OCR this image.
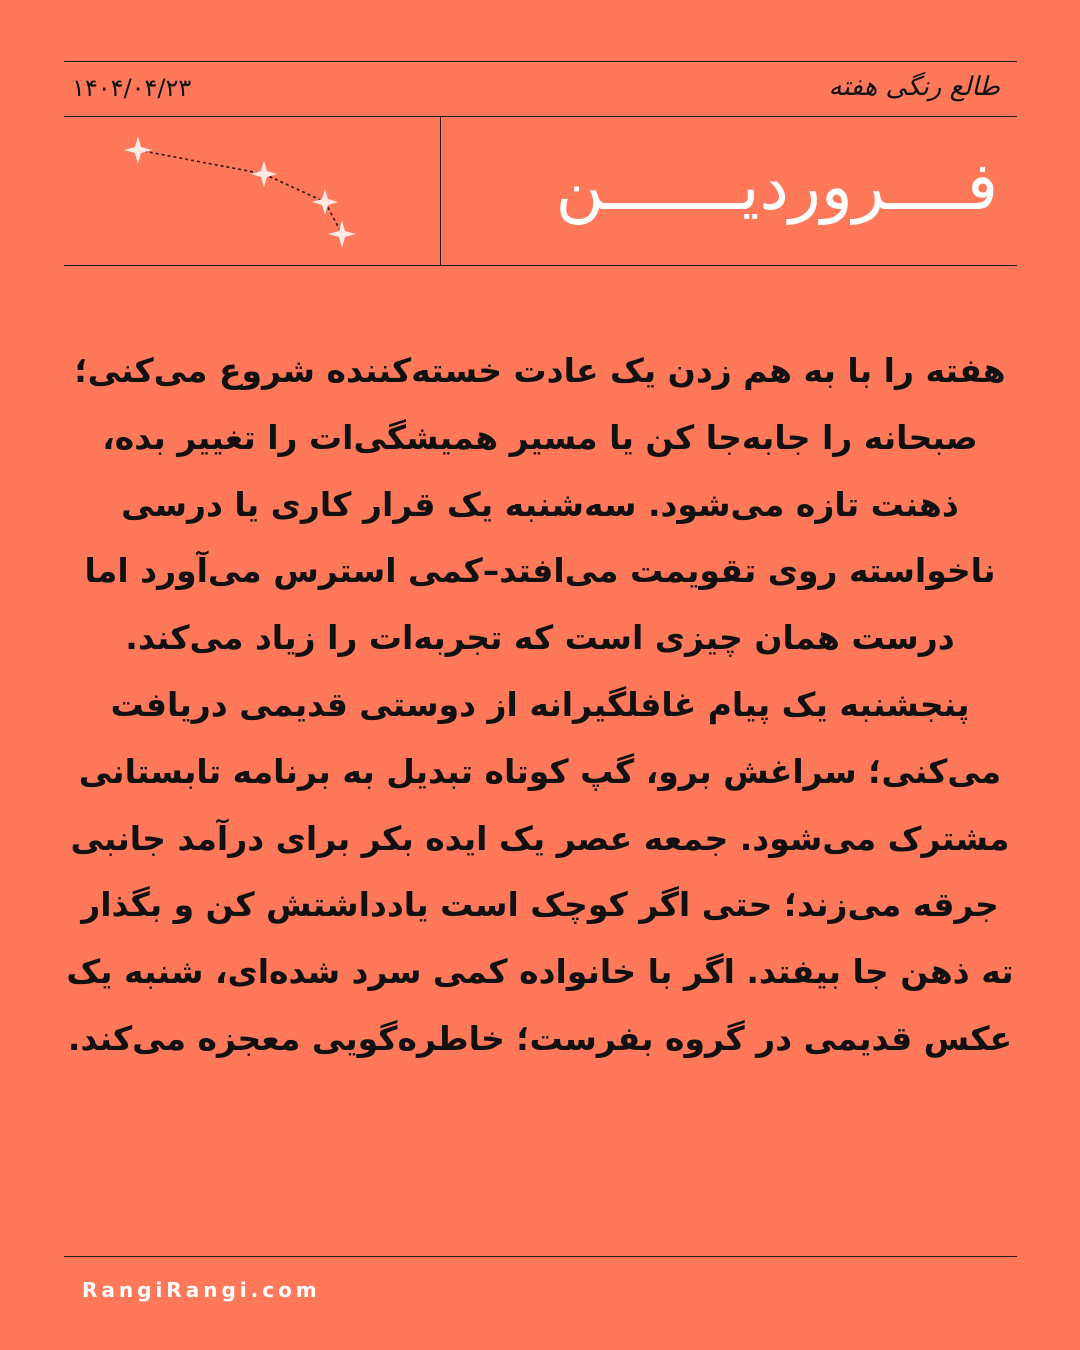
طالع رنگی هفته
۱۴۰۴/۰۴/۲۳
فــــروردیـــــــن
هفته را با به هم زدن یک عادت خسته‌کننده شروع می‌کنی؛ صبحانه را جابه‌جا کن یا مسیر همیشگی‌ات را تغییر بده، ذهنت تازه می‌شود. سه‌شنبه یک قرار کاری یا درسی ناخواسته روی تقویمت می‌افتد–کمی استرس می‌آورد اما درست همان چیزی است که تجربه‌ات را زیاد می‌کند. پنجشنبه یک پیام غافلگیرانه از دوستی قدیمی دریافت می‌کنی؛ سراغش برو، گپ کوتاه تبدیل به برنامه تابستانی مشترک می‌شود. جمعه عصر یک ایده بکر برای درآمد جانبی جرقه می‌زند؛ حتی اگر کوچک است یادداشتش کن و بگذار ته ذهن جا بیفتد. اگر با خانواده کمی سرد شده‌ای، شنبه یک عکس قدیمی در گروه بفرست؛ خاطره‌گویی معجزه می‌کند.
RangiRangi.com
